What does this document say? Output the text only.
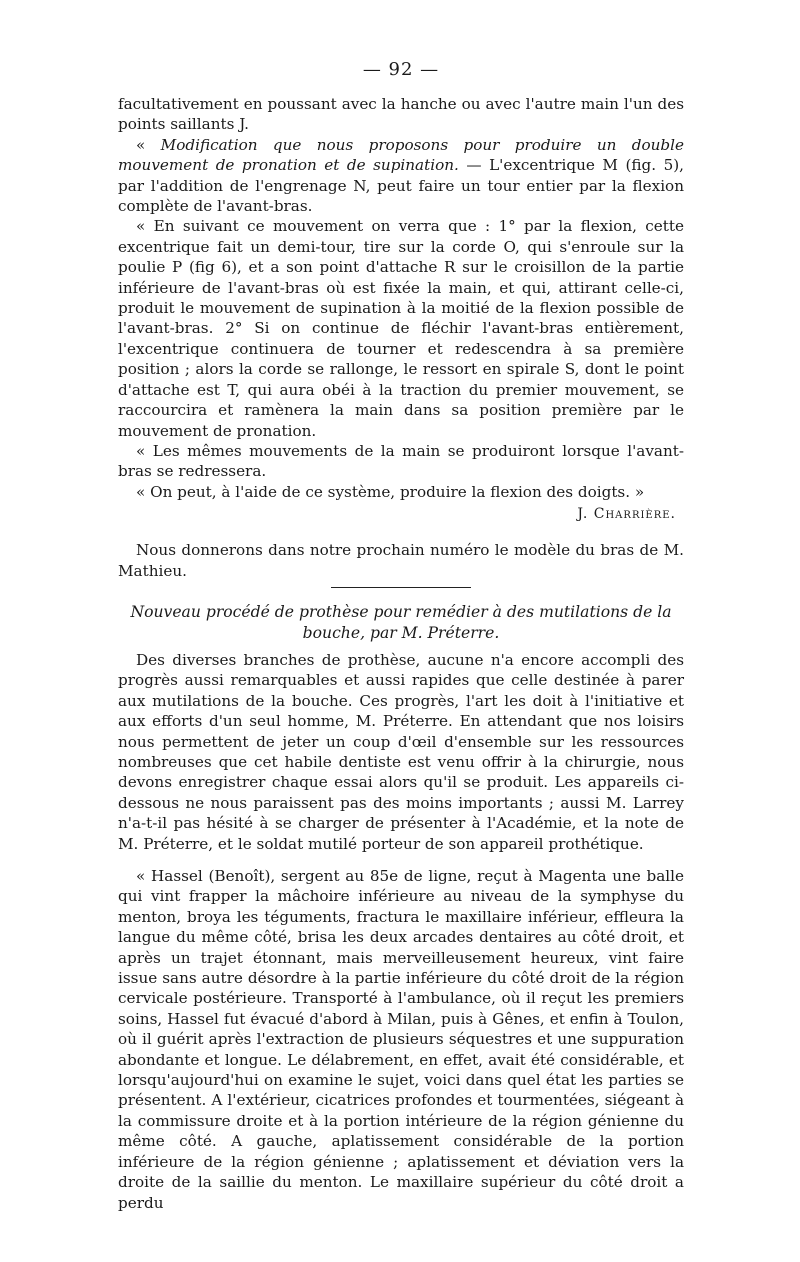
— 92 —

facultativement en poussant avec la hanche ou avec l'autre main l'un des points saillants J.

« Modification que nous proposons pour produire un double mouvement de pronation et de supination. — L'excentrique M (fig. 5), par l'addition de l'engrenage N, peut faire un tour entier par la flexion complète de l'avant-bras.

« En suivant ce mouvement on verra que : 1° par la flexion, cette excentrique fait un demi-tour, tire sur la corde O, qui s'enroule sur la poulie P (fig 6), et a son point d'attache R sur le croisillon de la partie inférieure de l'avant-bras où est fixée la main, et qui, attirant celle-ci, produit le mouvement de supination à la moitié de la flexion possible de l'avant-bras. 2° Si on continue de fléchir l'avant-bras entièrement, l'excentrique continuera de tourner et redescendra à sa première position ; alors la corde se rallonge, le ressort en spirale S, dont le point d'attache est T, qui aura obéi à la traction du premier mouvement, se raccourcira et ramènera la main dans sa position première par le mouvement de pronation.

« Les mêmes mouvements de la main se produiront lorsque l'avant-bras se redressera.

« On peut, à l'aide de ce système, produire la flexion des doigts. »

J. Charrière.

Nous donnerons dans notre prochain numéro le modèle du bras de M. Mathieu.

Nouveau procédé de prothèse pour remédier à des mutilations de la bouche, par M. Préterre.

Des diverses branches de prothèse, aucune n'a encore accompli des progrès aussi remarquables et aussi rapides que celle destinée à parer aux mutilations de la bouche. Ces progrès, l'art les doit à l'initiative et aux efforts d'un seul homme, M. Préterre. En attendant que nos loisirs nous permettent de jeter un coup d'œil d'ensemble sur les ressources nombreuses que cet habile dentiste est venu offrir à la chirurgie, nous devons enregistrer chaque essai alors qu'il se produit. Les appareils ci-dessous ne nous paraissent pas des moins importants ; aussi M. Larrey n'a-t-il pas hésité à se charger de présenter à l'Académie, et la note de M. Préterre, et le soldat mutilé porteur de son appareil prothétique.

« Hassel (Benoît), sergent au 85e de ligne, reçut à Magenta une balle qui vint frapper la mâchoire inférieure au niveau de la symphyse du menton, broya les téguments, fractura le maxillaire inférieur, effleura la langue du même côté, brisa les deux arcades dentaires au côté droit, et après un trajet étonnant, mais merveilleusement heureux, vint faire issue sans autre désordre à la partie inférieure du côté droit de la région cervicale postérieure. Transporté à l'ambulance, où il reçut les premiers soins, Hassel fut évacué d'abord à Milan, puis à Gênes, et enfin à Toulon, où il guérit après l'extraction de plusieurs séquestres et une suppuration abondante et longue. Le délabrement, en effet, avait été considérable, et lorsqu'aujourd'hui on examine le sujet, voici dans quel état les parties se présentent. A l'extérieur, cicatrices profondes et tourmentées, siégeant à la commissure droite et à la portion intérieure de la région génienne du même côté. A gauche, aplatissement considérable de la portion inférieure de la région génienne ; aplatissement et déviation vers la droite de la saillie du menton. Le maxillaire supérieur du côté droit a perdu
